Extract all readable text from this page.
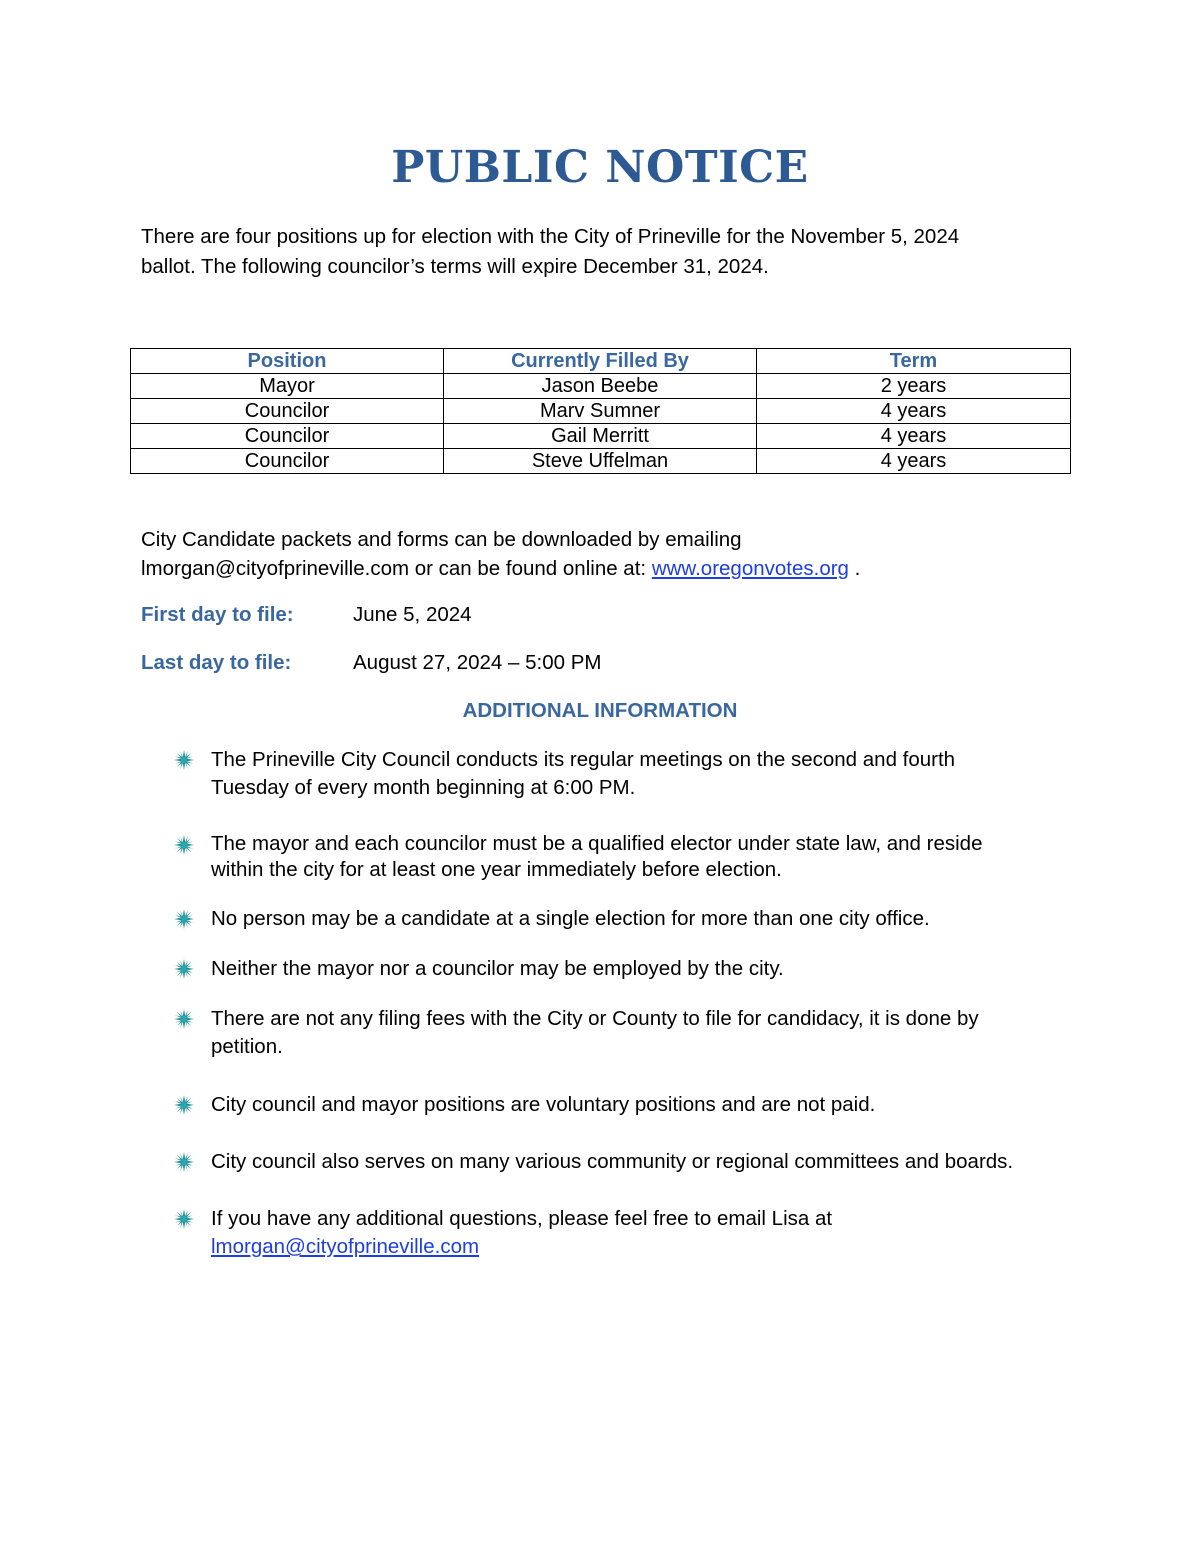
PUBLIC NOTICE
There are four positions up for election with the City of Prineville for the November 5, 2024
ballot. The following councilor’s terms will expire December 31, 2024.
Position	Currently Filled By	Term
Mayor	Jason Beebe	2 years
Councilor	Marv Sumner	4 years
Councilor	Gail Merritt	4 years
Councilor	Steve Uffelman	4 years
City Candidate packets and forms can be downloaded by emailing
lmorgan@cityofprineville.com or can be found online at: www.oregonvotes.org .
First day to file:	June 5, 2024
Last day to file:	August 27, 2024 – 5:00 PM
ADDITIONAL INFORMATION
The Prineville City Council conducts its regular meetings on the second and fourth
Tuesday of every month beginning at 6:00 PM.
The mayor and each councilor must be a qualified elector under state law, and reside
within the city for at least one year immediately before election.
No person may be a candidate at a single election for more than one city office.
Neither the mayor nor a councilor may be employed by the city.
There are not any filing fees with the City or County to file for candidacy, it is done by
petition.
City council and mayor positions are voluntary positions and are not paid.
City council also serves on many various community or regional committees and boards.
If you have any additional questions, please feel free to email Lisa at
lmorgan@cityofprineville.com
